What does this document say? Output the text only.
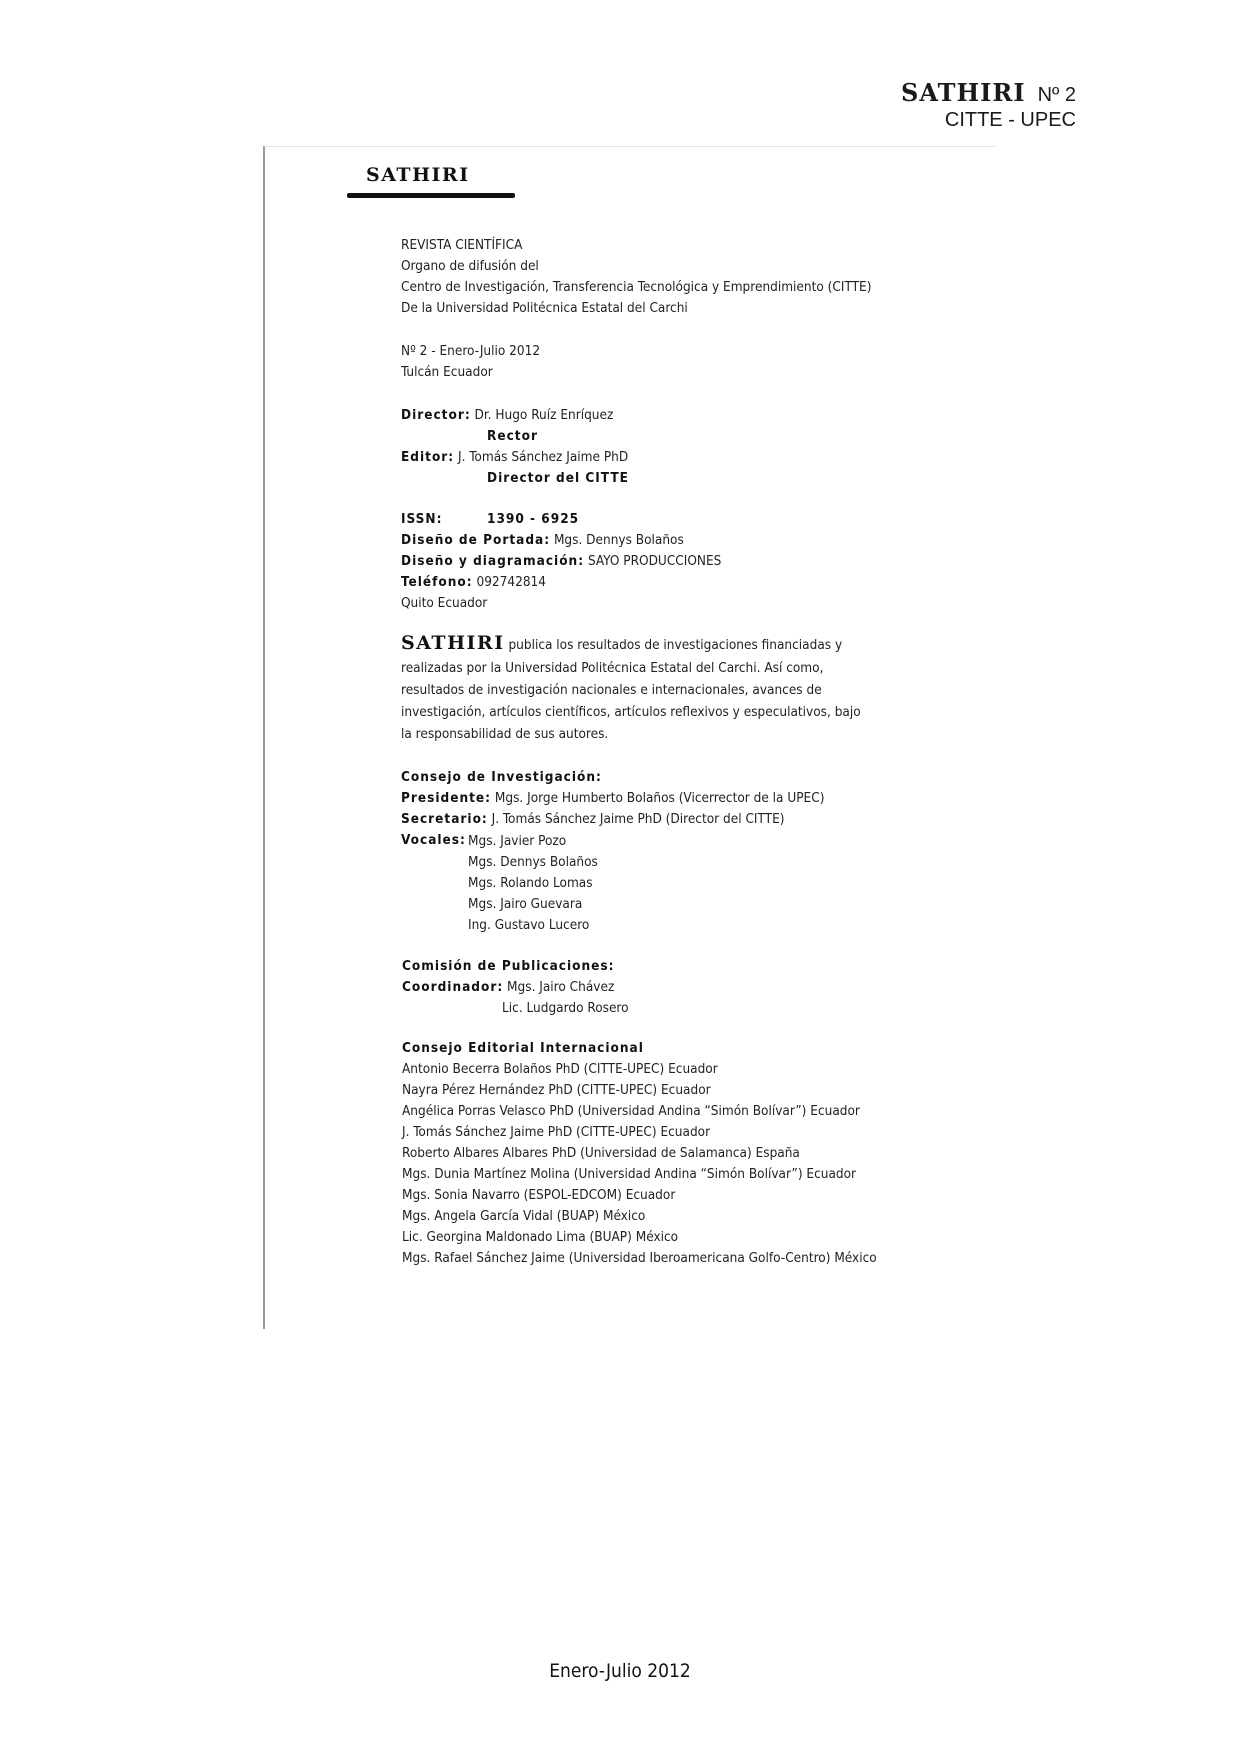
SATHIRI Nº 2
CITTE - UPEC
SATHIRI
REVISTA CIENTÍFICA
Organo de difusión del
Centro de Investigación, Transferencia Tecnológica y Emprendimiento (CITTE)
De la Universidad Politécnica Estatal del Carchi
Nº 2 - Enero-Julio 2012
Tulcán Ecuador
Director: Dr. Hugo Ruíz Enríquez
Rector
Editor: J. Tomás Sánchez Jaime PhD
Director del CITTE
ISSN:	1390 - 6925
Diseño de Portada: Mgs. Dennys Bolaños
Diseño y diagramación: SAYO PRODUCCIONES
Teléfono: 092742814
Quito Ecuador
SATHIRI publica los resultados de investigaciones financiadas y
realizadas por la Universidad Politécnica Estatal del Carchi. Así como,
resultados de investigación nacionales e internacionales, avances de
investigación, artículos científicos, artículos reflexivos y especulativos, bajo
la responsabilidad de sus autores.
Consejo de Investigación:
Presidente: Mgs. Jorge Humberto Bolaños (Vicerrector de la UPEC)
Secretario: J. Tomás Sánchez Jaime PhD (Director del CITTE)
Vocales: Mgs. Javier Pozo
Mgs. Dennys Bolaños
Mgs. Rolando Lomas
Mgs. Jairo Guevara
Ing. Gustavo Lucero
Comisión de Publicaciones:
Coordinador: Mgs. Jairo Chávez
Lic. Ludgardo Rosero
Consejo Editorial Internacional
Antonio Becerra Bolaños PhD (CITTE-UPEC) Ecuador
Nayra Pérez Hernández PhD (CITTE-UPEC) Ecuador
Angélica Porras Velasco PhD (Universidad Andina “Simón Bolívar”) Ecuador
J. Tomás Sánchez Jaime PhD (CITTE-UPEC) Ecuador
Roberto Albares Albares PhD (Universidad de Salamanca) España
Mgs. Dunia Martínez Molina (Universidad Andina “Simón Bolívar”) Ecuador
Mgs. Sonia Navarro (ESPOL-EDCOM) Ecuador
Mgs. Angela García Vidal (BUAP) México
Lic. Georgina Maldonado Lima (BUAP) México
Mgs. Rafael Sánchez Jaime (Universidad Iberoamericana Golfo-Centro) México
Enero-Julio 2012
